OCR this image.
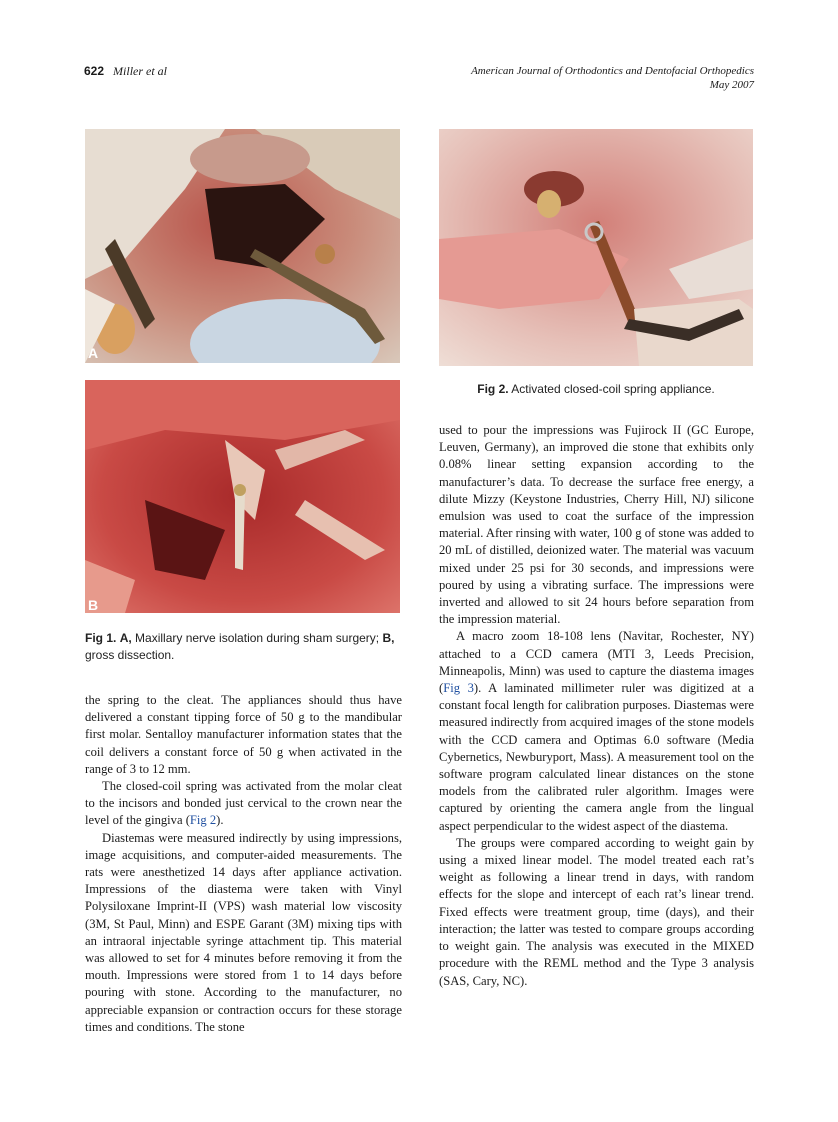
622 Miller et al	American Journal of Orthodontics and Dentofacial Orthopedics
May 2007
A
B
Fig 1. A, Maxillary nerve isolation during sham surgery; B, gross dissection.
Fig 2. Activated closed-coil spring appliance.

the spring to the cleat. The appliances should thus have delivered a constant tipping force of 50 g to the mandibular first molar. Sentalloy manufacturer information states that the coil delivers a constant force of 50 g when activated in the range of 3 to 12 mm.

The closed-coil spring was activated from the molar cleat to the incisors and bonded just cervical to the crown near the level of the gingiva (Fig 2).

Diastemas were measured indirectly by using impressions, image acquisitions, and computer-aided measurements. The rats were anesthetized 14 days after appliance activation. Impressions of the diastema were taken with Vinyl Polysiloxane Imprint-II (VPS) wash material low viscosity (3M, St Paul, Minn) and ESPE Garant (3M) mixing tips with an intraoral injectable syringe attachment tip. This material was allowed to set for 4 minutes before removing it from the mouth. Impressions were stored from 1 to 14 days before pouring with stone. According to the manufacturer, no appreciable expansion or contraction occurs for these storage times and conditions. The stone

used to pour the impressions was Fujirock II (GC Europe, Leuven, Germany), an improved die stone that exhibits only 0.08% linear setting expansion according to the manufacturer’s data. To decrease the surface free energy, a dilute Mizzy (Keystone Industries, Cherry Hill, NJ) silicone emulsion was used to coat the surface of the impression material. After rinsing with water, 100 g of stone was added to 20 mL of distilled, deionized water. The material was vacuum mixed under 25 psi for 30 seconds, and impressions were poured by using a vibrating surface. The impressions were inverted and allowed to sit 24 hours before separation from the impression material.

A macro zoom 18-108 lens (Navitar, Rochester, NY) attached to a CCD camera (MTI 3, Leeds Precision, Minneapolis, Minn) was used to capture the diastema images (Fig 3). A laminated millimeter ruler was digitized at a constant focal length for calibration purposes. Diastemas were measured indirectly from acquired images of the stone models with the CCD camera and Optimas 6.0 software (Media Cybernetics, Newburyport, Mass). A measurement tool on the software program calculated linear distances on the stone models from the calibrated ruler algorithm. Images were captured by orienting the camera angle from the lingual aspect perpendicular to the widest aspect of the diastema.

The groups were compared according to weight gain by using a mixed linear model. The model treated each rat’s weight as following a linear trend in days, with random effects for the slope and intercept of each rat’s linear trend. Fixed effects were treatment group, time (days), and their interaction; the latter was tested to compare groups according to weight gain. The analysis was executed in the MIXED procedure with the REML method and the Type 3 analysis (SAS, Cary, NC).
